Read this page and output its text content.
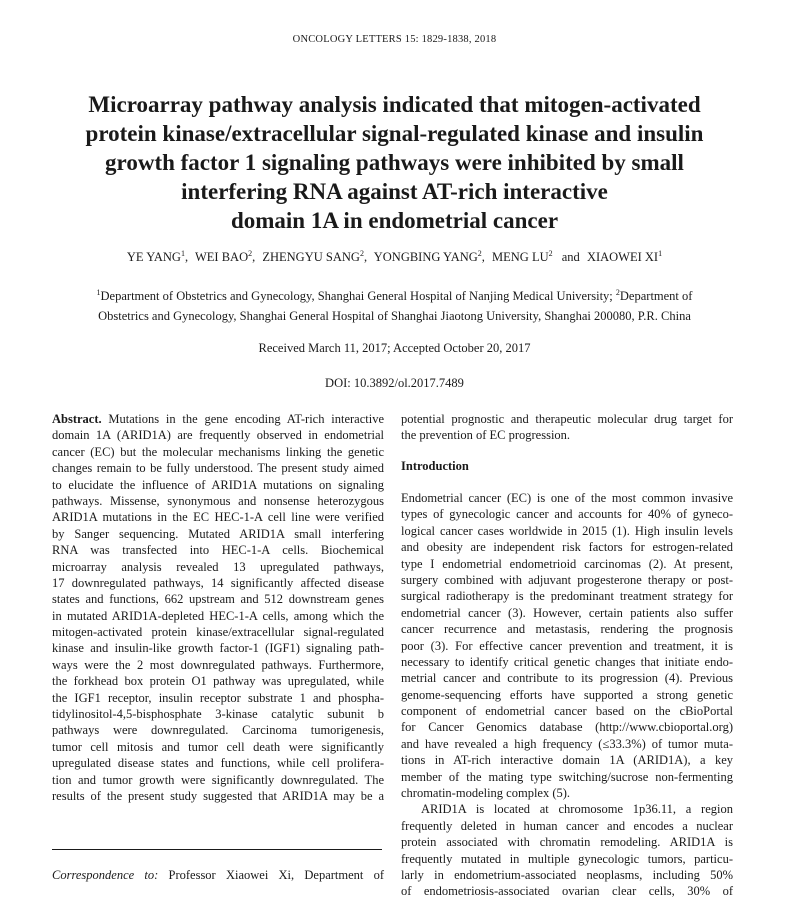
ONCOLOGY LETTERS 15: 1829-1838, 2018
Microarray pathway analysis indicated that mitogen-activated
protein kinase/extracellular signal-regulated kinase and insulin
growth factor 1 signaling pathways were inhibited by small
interfering RNA against AT-rich interactive
domain 1A in endometrial cancer
YE YANG$^1$, WEI BAO$^2$, ZHENGYU SANG$^2$, YONGBING YANG$^2$, MENG $LU^2$ and XIAOWEI $XI^1$
$^1$Department of Obstetrics and Gynecology, Shanghai General Hospital of Nanjing Medical University; $^2$Department of
Obstetrics and Gynecology, Shanghai General Hospital of Shanghai Jiaotong University, Shanghai 200080, P.R. China
Received March 11, 2017; Accepted October 20, 2017
DOI: 10.3892/ol.2017.7489
Abstract. Mutations in the gene encoding AT-rich interactive
domain 1A (ARID1A) are frequently observed in endometrial
cancer (EC) but the molecular mechanisms linking the genetic
changes remain to be fully understood. The present study aimed
to elucidate the influence of ARID1A mutations on signaling
pathways. Missense, synonymous and nonsense heterozygous
ARID1A mutations in the EC HEC-1-A cell line were verified
by Sanger sequencing. Mutated ARID1A small interfering
RNA was transfected into HEC-1-A cells. Biochemical
microarray analysis revealed 13 upregulated pathways,
17 downregulated pathways, 14 significantly affected disease
states and functions, 662 upstream and 512 downstream genes
in mutated ARID1A-depleted HEC-1-A cells, among which the
mitogen-activated protein kinase/extracellular signal-regulated
kinase and insulin-like growth factor-1 (IGF1) signaling path-
ways were the 2 most downregulated pathways. Furthermore,
the forkhead box protein O1 pathway was upregulated, while
the IGF1 receptor, insulin receptor substrate 1 and phospha-
tidylinositol-4,5-bisphosphate 3-kinase catalytic subunit b
pathways were downregulated. Carcinoma tumorigenesis,
tumor cell mitosis and tumor cell death were significantly
upregulated disease states and functions, while cell prolifera-
tion and tumor growth were significantly downregulated. The
results of the present study suggested that ARID1A may be a
potential prognostic and therapeutic molecular drug target for
the prevention of EC progression.
Introduction
Endometrial cancer (EC) is one of the most common invasive
types of gynecologic cancer and accounts for 40% of gyneco-
logical cancer cases worldwide in 2015 (1). High insulin levels
and obesity are independent risk factors for estrogen-related
type I endometrial endometrioid carcinomas (2). At present,
surgery combined with adjuvant progesterone therapy or post-
surgical radiotherapy is the predominant treatment strategy for
endometrial cancer (3). However, certain patients also suffer
cancer recurrence and metastasis, rendering the prognosis
poor (3). For effective cancer prevention and treatment, it is
necessary to identify critical genetic changes that initiate endo-
metrial cancer and contribute to its progression (4). Previous
genome-sequencing efforts have supported a strong genetic
component of endometrial cancer based on the cBioPortal
for Cancer Genomics database (http://www.cbioportal.org)
and have revealed a high frequency (≤33.3%) of tumor muta-
tions in AT-rich interactive domain 1A (ARID1A), a key
member of the mating type switching/sucrose non-fermenting
chromatin-modeling complex (5).
ARID1A is located at chromosome 1p36.11, a region
frequently deleted in human cancer and encodes a nuclear
protein associated with chromatin remodeling. ARID1A is
frequently mutated in multiple gynecologic tumors, particu-
larly in endometrium-associated neoplasms, including 50%
of endometriosis-associated ovarian clear cells, 30% of
Correspondence to: Professor Xiaowei Xi, Department of
